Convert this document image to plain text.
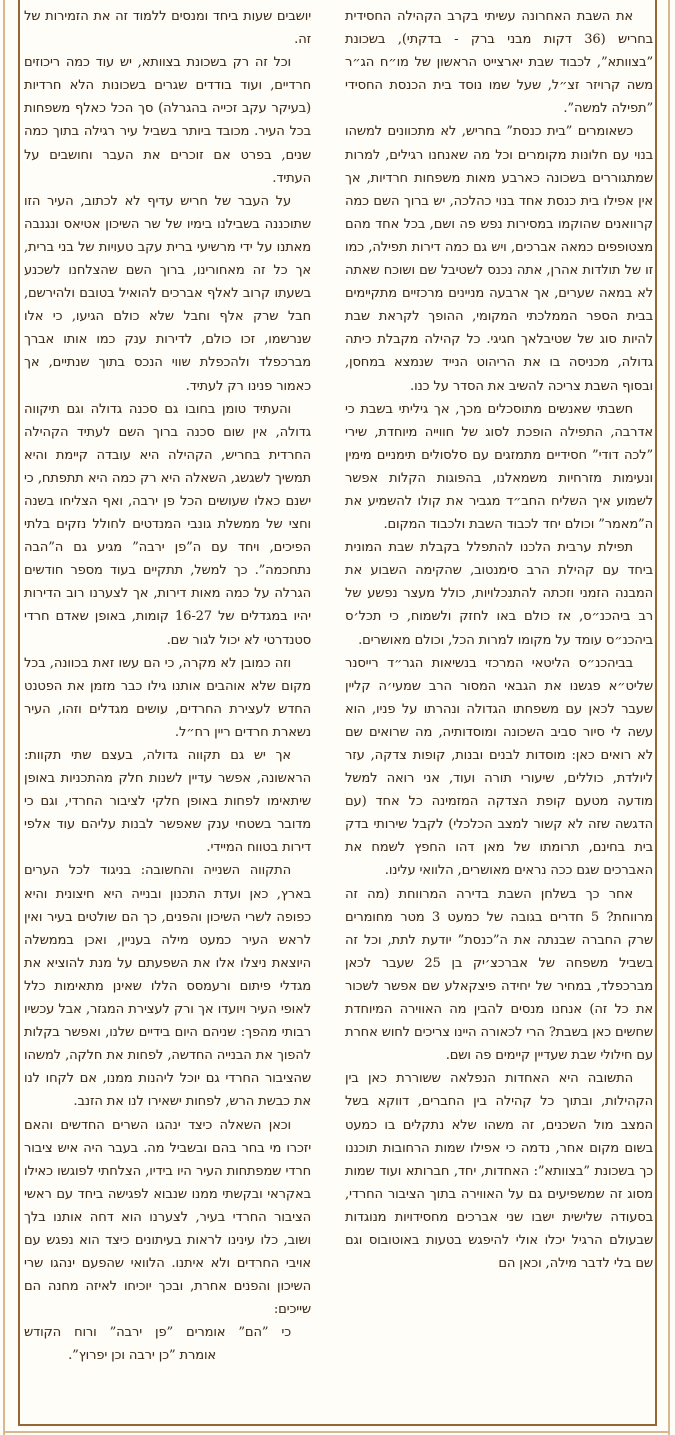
את השבת האחרונה עשיתי בקרב הקהילה החסידית בחריש (36 דקות מבני ברק - בדקתי), בשכונת ”בצוותא”, לכבוד שבת יארצייט הראשון של מו״ח הג״ר משה קרויזר זצ״ל, שעל שמו נוסד בית הכנסת החסידי ”תפילה למשה”.

כשאומרים ”בית כנסת” בחריש, לא מתכוונים למשהו בנוי עם חלונות מקומרים וכל מה שאנחנו רגילים, למרות שמתגוררים בשכונה כארבע מאות משפחות חרדיות, אך אין אפילו בית כנסת אחד בנוי כהלכה, יש ברוך השם כמה קרוואנים שהוקמו במסירות נפש פה ושם, בכל אחד מהם מצטופפים כמאה אברכים, ויש גם כמה דירות תפילה, כמו זו של תולדות אהרן, אתה נכנס לשטיבל שם ושוכח שאתה לא במאה שערים, אך ארבעה מניינים מרכזיים מתקיימים בבית הספר הממלכתי המקומי, ההופך לקראת שבת להיות סוג של שטיבלאך חגיגי. כל קהילה מקבלת כיתה גדולה, מכניסה בו את הריהוט הנייד שנמצא במחסן, ובסוף השבת צריכה להשיב את הסדר על כנו.

חשבתי שאנשים מתוסכלים מכך, אך גיליתי בשבת כי אדרבה, התפילה הופכת לסוג של חווייה מיוחדת, שירי ”לכה דודי” חסידיים מתמזגים עם סלסולים תימניים מימין ונעימות מזרחיות משמאלנו, בהפוגות הקלות אפשר לשמוע איך השליח החב״ד מגביר את קולו להשמיע את ה”מאמר” וכולם יחד לכבוד השבת ולכבוד המקום.

תפילת ערבית הלכנו להתפלל בקבלת שבת המונית ביחד עם קהילת הרב סימנטוב, שהקימה השבוע את המבנה הזמני וזכתה להתנכלויות, כולל מעצר נפשע של רב ביהכנ״ס, אז כולם באו לחזק ולשמוח, כי תכל׳ס ביהכנ״ס עומד על מקומו למרות הכל, וכולם מאושרים.

בביהכנ״ס הליטאי המרכזי בנשיאות הגר״ד רייסנר שליט״א פגשנו את הגבאי המסור הרב שמעי׳ה קליין שעבר לכאן עם משפחתו הגדולה ונהרתו על פניו, הוא עשה לי סיור סביב השכונה ומוסדותיה, מה שרואים שם לא רואים כאן: מוסדות לבנים ובנות, קופות צדקה, עזר ליולדת, כוללים, שיעורי תורה ועוד, אני רואה למשל מודעה מטעם קופת הצדקה המזמינה כל אחד (עם הדגשה שזה לא קשור למצב הכלכלי) לקבל שירותי בדק בית בחינם, תרומתו של מאן דהו החפץ לשמח את האברכים שגם ככה נראים מאושרים, הלוואי עלינו.

אחר כך בשלחן השבת בדירה המרווחת (מה זה מרווחת? 5 חדרים בגובה של כמעט 3 מטר מחומרים שרק החברה שבנתה את ה”כנסת” יודעת לתת, וכל זה בשביל משפחה של אברכצ׳יק בן 25 שעבר לכאן מברכפלד, במחיר של יחידה פיצקאלע שם אפשר לשכור את כל זה) אנחנו מנסים להבין מה האווירה המיוחדת שחשים כאן בשבת? הרי לכאורה היינו צריכים לחוש אחרת עם חילולי שבת שעדיין קיימים פה ושם.

התשובה היא האחדות הנפלאה ששוררת כאן בין הקהילות, ובתוך כל קהילה בין החברים, דווקא בשל המצב מול השכנים, זה משהו שלא נתקלים בו כמעט בשום מקום אחר, נדמה כי אפילו שמות הרחובות תוכננו כך בשכונת ”בצוותא”: האחדות, יחד, חברותא ועוד שמות מסוג זה שמשפיעים גם על האווירה בתוך הציבור החרדי, בסעודה שלישית ישבו שני אברכים מחסידויות מנוגדות שבעולם הרגיל יכלו אולי להיפגש בטעות באוטובוס וגם שם בלי לדבר מילה, וכאן הם

יושבים שעות ביחד ומנסים ללמוד זה את הזמירות של זה.

וכל זה רק בשכונת בצוותא, יש עוד כמה ריכוזים חרדיים, ועוד בודדים שגרים בשכונות הלא חרדיות (בעיקר עקב זכייה בהגרלה) סך הכל כאלף משפחות בכל העיר. מכובד ביותר בשביל עיר רגילה בתוך כמה שנים, בפרט אם זוכרים את העבר וחושבים על העתיד.

על העבר של חריש עדיף לא לכתוב, העיר הזו שתוכננה בשבילנו בימיו של שר השיכון אטיאס ונגנבה מאתנו על ידי מרשיעי ברית עקב טעויות של בני ברית, אך כל זה מאחורינו, ברוך השם שהצלחנו לשכנע בשעתו קרוב לאלף אברכים להואיל בטובם ולהירשם, חבל שרק אלף וחבל שלא כולם הגיעו, כי אלו שנרשמו, זכו כולם, לדירות ענק כמו אותו אברך מברכפלד ולהכפלת שווי הנכס בתוך שנתיים, אך כאמור פנינו רק לעתיד.

והעתיד טומן בחובו גם סכנה גדולה וגם תיקווה גדולה, אין שום סכנה ברוך השם לעתיד הקהילה החרדית בחריש, הקהילה היא עובדה קיימת והיא תמשיך לשגשג, השאלה היא רק כמה היא תתפתח, כי ישנם כאלו שעושים הכל פן ירבה, ואף הצליחו בשנה וחצי של ממשלת גונבי המנדטים לחולל נזקים בלתי הפיכים, ויחד עם ה”פן ירבה” מגיע גם ה”הבה נתחכמה”. כך למשל, תתקיים בעוד מספר חודשים הגרלה על כמה מאות דירות, אך לצערנו רוב הדירות יהיו במגדלים של 16-27 קומות, באופן שאדם חרדי סטנדרטי לא יכול לגור שם.

וזה כמובן לא מקרה, כי הם עשו זאת בכוונה, בכל מקום שלא אוהבים אותנו גילו כבר מזמן את הפטנט החדש לעצירת החרדים, עושים מגדלים וזהו, העיר נשארת חרדים ריין רח״ל.

אך יש גם תקווה גדולה, בעצם שתי תקוות: הראשונה, אפשר עדיין לשנות חלק מהתכניות באופן שיתאימו לפחות באופן חלקי לציבור החרדי, וגם כי מדובר בשטחי ענק שאפשר לבנות עליהם עוד אלפי דירות בטווח המיידי.

התקווה השנייה והחשובה: בניגוד לכל הערים בארץ, כאן ועדת התכנון ובנייה היא חיצונית והיא כפופה לשרי השיכון והפנים, כך הם שולטים בעיר ואין לראש העיר כמעט מילה בעניין, ואכן בממשלה היוצאת ניצלו אלו את השפעתם על מנת להוציא את מגדלי פיתום ורעמסס הללו שאינן מתאימות כלל לאופי העיר ויועדו אך ורק לעצירת המגזר, אבל עכשיו רבותי מהפך: שניהם היום בידיים שלנו, ואפשר בקלות להפוך את הבנייה החדשה, לפחות את חלקה, למשהו שהציבור החרדי גם יוכל ליהנות ממנו, אם לקחו לנו את כבשת הרש, לפחות ישאירו לנו את הזנב.

וכאן השאלה כיצד ינהגו השרים החדשים והאם יזכרו מי בחר בהם ובשביל מה. בעבר היה איש ציבור חרדי שמפתחות העיר היו בידיו, הצלחתי לפוגשו כאילו באקראי ובקשתי ממנו שנבוא לפגישה ביחד עם ראשי הציבור החרדי בעיר, לצערנו הוא דחה אותנו בלך ושוב, כלו עינינו לראות בעיתונים כיצד הוא נפגש עם אויבי החרדים ולא איתנו. הלוואי שהפעם ינהגו שרי השיכון והפנים אחרת, ובכך יוכיחו לאיזה מחנה הם שייכים:

כי ”הם” אומרים ”פן ירבה” ורוח הקודש

אומרת ”כן ירבה וכן יפרוץ”.
